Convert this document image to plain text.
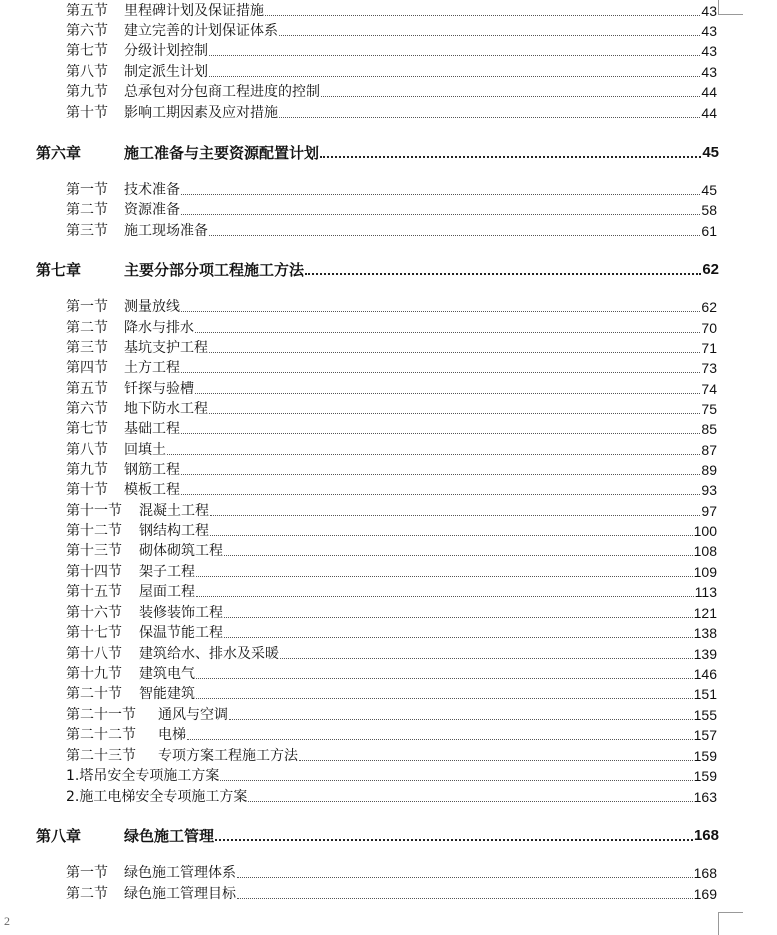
第五节	里程碑计划及保证措施	43
第六节	建立完善的计划保证体系	43
第七节	分级计划控制	43
第八节	制定派生计划	43
第九节	总承包对分包商工程进度的控制	44
第十节	影响工期因素及应对措施	44
第六章	施工准备与主要资源配置计划	45
第一节	技术准备	45
第二节	资源准备	58
第三节	施工现场准备	61
第七章	主要分部分项工程施工方法	62
第一节	测量放线	62
第二节	降水与排水	70
第三节	基坑支护工程	71
第四节	土方工程	73
第五节	钎探与验槽	74
第六节	地下防水工程	75
第七节	基础工程	85
第八节	回填土	87
第九节	钢筋工程	89
第十节	模板工程	93
第十一节	混凝土工程	97
第十二节	钢结构工程	100
第十三节	砌体砌筑工程	108
第十四节	架子工程	109
第十五节	屋面工程	113
第十六节	装修装饰工程	121
第十七节	保温节能工程	138
第十八节	建筑给水、排水及采暖	139
第十九节	建筑电气	146
第二十节	智能建筑	151
第二十一节	通风与空调	155
第二十二节	电梯	157
第二十三节	专项方案工程施工方法	159
1.塔吊安全专项施工方案	159
2.施工电梯安全专项施工方案	163
第八章	绿色施工管理	168
第一节	绿色施工管理体系	168
第二节	绿色施工管理目标	169
2
